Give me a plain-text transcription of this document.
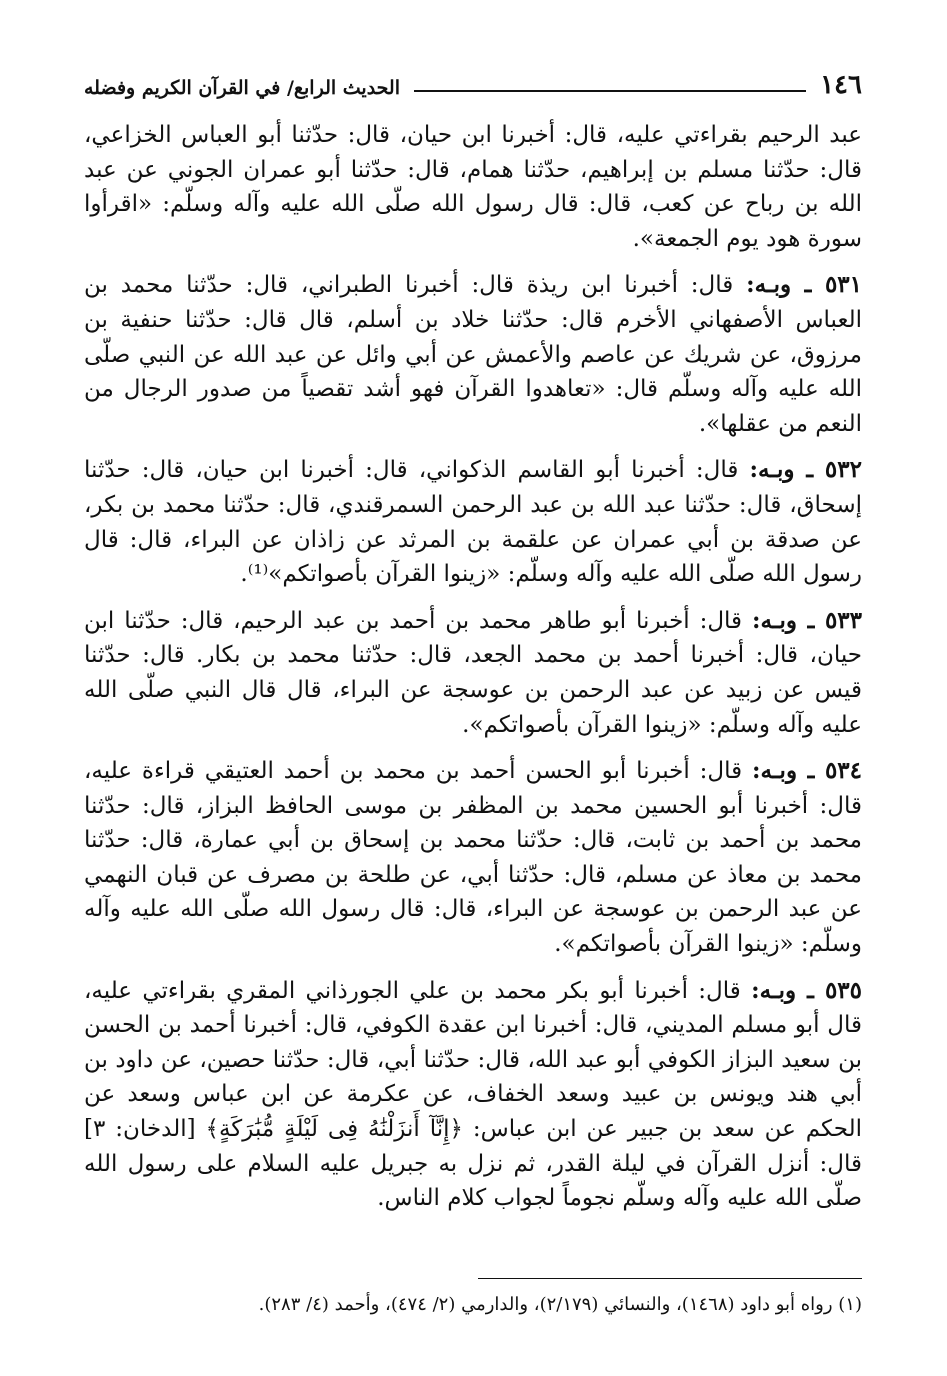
١٤٦
الحديث الرابع/ في القرآن الكريم وفضله

عبد الرحيم بقراءتي عليه، قال: أخبرنا ابن حيان، قال: حدّثنا أبو العباس الخزاعي، قال: حدّثنا مسلم بن إبراهيم، حدّثنا همام، قال: حدّثنا أبو عمران الجوني عن عبد الله بن رباح عن كعب، قال: قال رسول الله صلّى الله عليه وآله وسلّم: «اقرأوا سورة هود يوم الجمعة».

٥٣١ ـ وبـه: قال: أخبرنا ابن ريذة قال: أخبرنا الطبراني، قال: حدّثنا محمد بن العباس الأصفهاني الأخرم قال: حدّثنا خلاد بن أسلم، قال قال: حدّثنا حنفية بن مرزوق، عن شريك عن عاصم والأعمش عن أبي وائل عن عبد الله عن النبي صلّى الله عليه وآله وسلّم قال: «تعاهدوا القرآن فهو أشد تقصياً من صدور الرجال من النعم من عقلها».

٥٣٢ ـ وبـه: قال: أخبرنا أبو القاسم الذكواني، قال: أخبرنا ابن حيان، قال: حدّثنا إسحاق، قال: حدّثنا عبد الله بن عبد الرحمن السمرقندي، قال: حدّثنا محمد بن بكر، عن صدقة بن أبي عمران عن علقمة بن المرثد عن زاذان عن البراء، قال: قال رسول الله صلّى الله عليه وآله وسلّم: «زينوا القرآن بأصواتكم»⁽¹⁾.

٥٣٣ ـ وبـه: قال: أخبرنا أبو طاهر محمد بن أحمد بن عبد الرحيم، قال: حدّثنا ابن حيان، قال: أخبرنا أحمد بن محمد الجعد، قال: حدّثنا محمد بن بكار. قال: حدّثنا قيس عن زبيد عن عبد الرحمن بن عوسجة عن البراء، قال قال النبي صلّى الله عليه وآله وسلّم: «زينوا القرآن بأصواتكم».

٥٣٤ ـ وبـه: قال: أخبرنا أبو الحسن أحمد بن محمد بن أحمد العتيقي قراءة عليه، قال: أخبرنا أبو الحسين محمد بن المظفر بن موسى الحافظ البزاز، قال: حدّثنا محمد بن أحمد بن ثابت، قال: حدّثنا محمد بن إسحاق بن أبي عمارة، قال: حدّثنا محمد بن معاذ عن مسلم، قال: حدّثنا أبي، عن طلحة بن مصرف عن قبان النهمي عن عبد الرحمن بن عوسجة عن البراء، قال: قال رسول الله صلّى الله عليه وآله وسلّم: «زينوا القرآن بأصواتكم».

٥٣٥ ـ وبـه: قال: أخبرنا أبو بكر محمد بن علي الجورذاني المقري بقراءتي عليه، قال أبو مسلم المديني، قال: أخبرنا ابن عقدة الكوفي، قال: أخبرنا أحمد بن الحسن بن سعيد البزاز الكوفي أبو عبد الله، قال: حدّثنا أبي، قال: حدّثنا حصين، عن داود بن أبي هند ويونس بن عبيد وسعد الخفاف، عن عكرمة عن ابن عباس وسعد عن الحكم عن سعد بن جبير عن ابن عباس: ﴿إِنَّآ أَنزَلْنَٰهُ فِى لَيْلَةٍ مُّبَٰرَكَةٍ﴾ [الدخان: ٣] قال: أنزل القرآن في ليلة القدر، ثم نزل به جبريل عليه السلام على رسول الله صلّى الله عليه وآله وسلّم نجوماً لجواب كلام الناس.

(١) رواه أبو داود (١٤٦٨)، والنسائي (٢/١٧٩)، والدارمي (٢/ ٤٧٤)، وأحمد (٤/ ٢٨٣).
